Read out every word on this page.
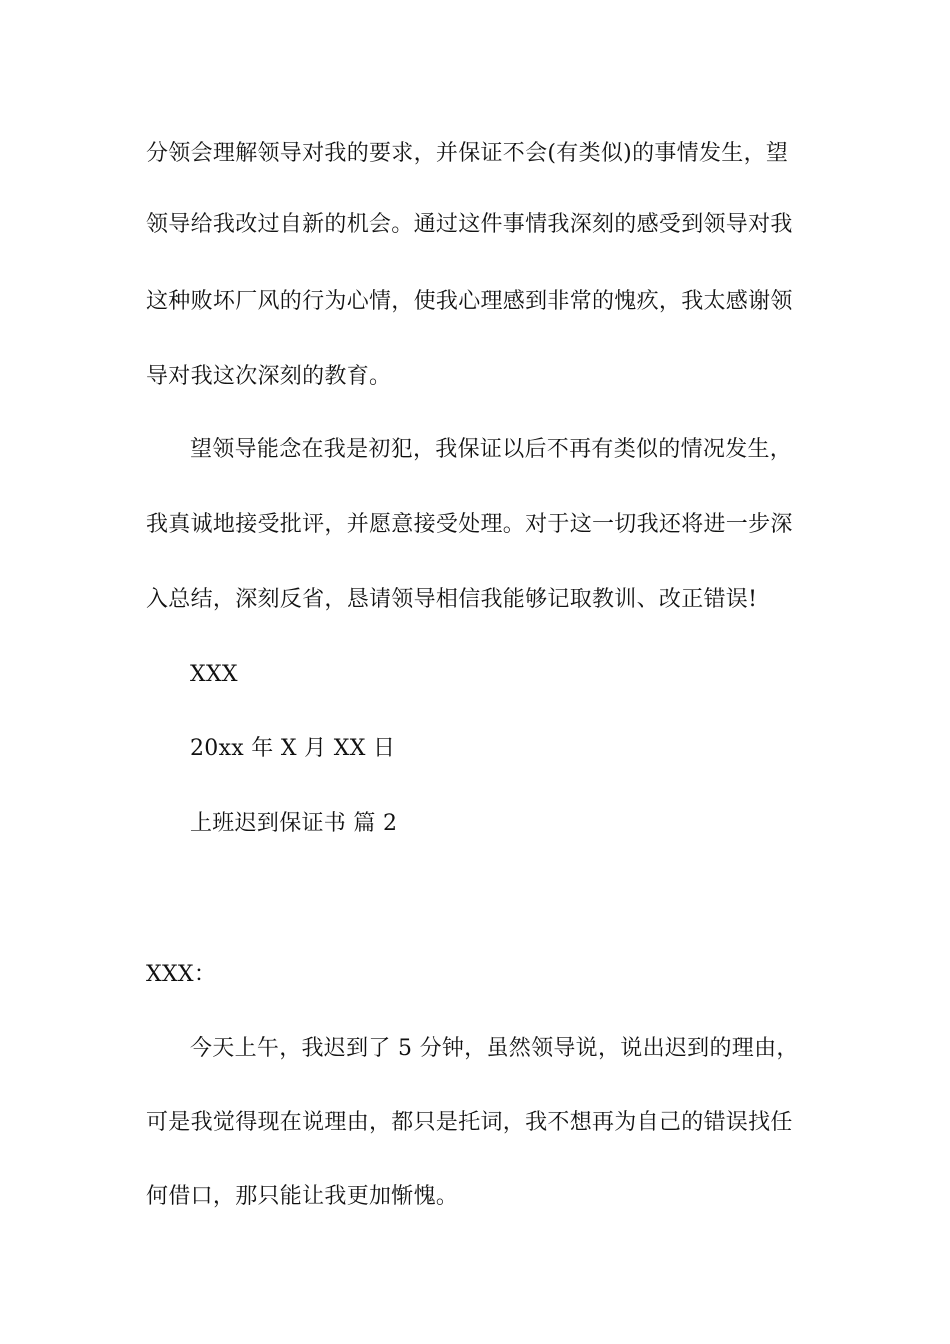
分领会理解领导对我的要求，并保证不会(有类似)的事情发生，望
领导给我改过自新的机会。通过这件事情我深刻的感受到领导对我
这种败坏厂风的行为心情，使我心理感到非常的愧疚，我太感谢领
导对我这次深刻的教育。
望领导能念在我是初犯，我保证以后不再有类似的情况发生，
我真诚地接受批评，并愿意接受处理。对于这一切我还将进一步深
入总结，深刻反省，恳请领导相信我能够记取教训、改正错误!
XXX
20xx 年 X 月 XX 日
上班迟到保证书 篇 2
XXX：
今天上午，我迟到了 5 分钟，虽然领导说，说出迟到的理由，
可是我觉得现在说理由，都只是托词，我不想再为自己的错误找任
何借口，那只能让我更加惭愧。
